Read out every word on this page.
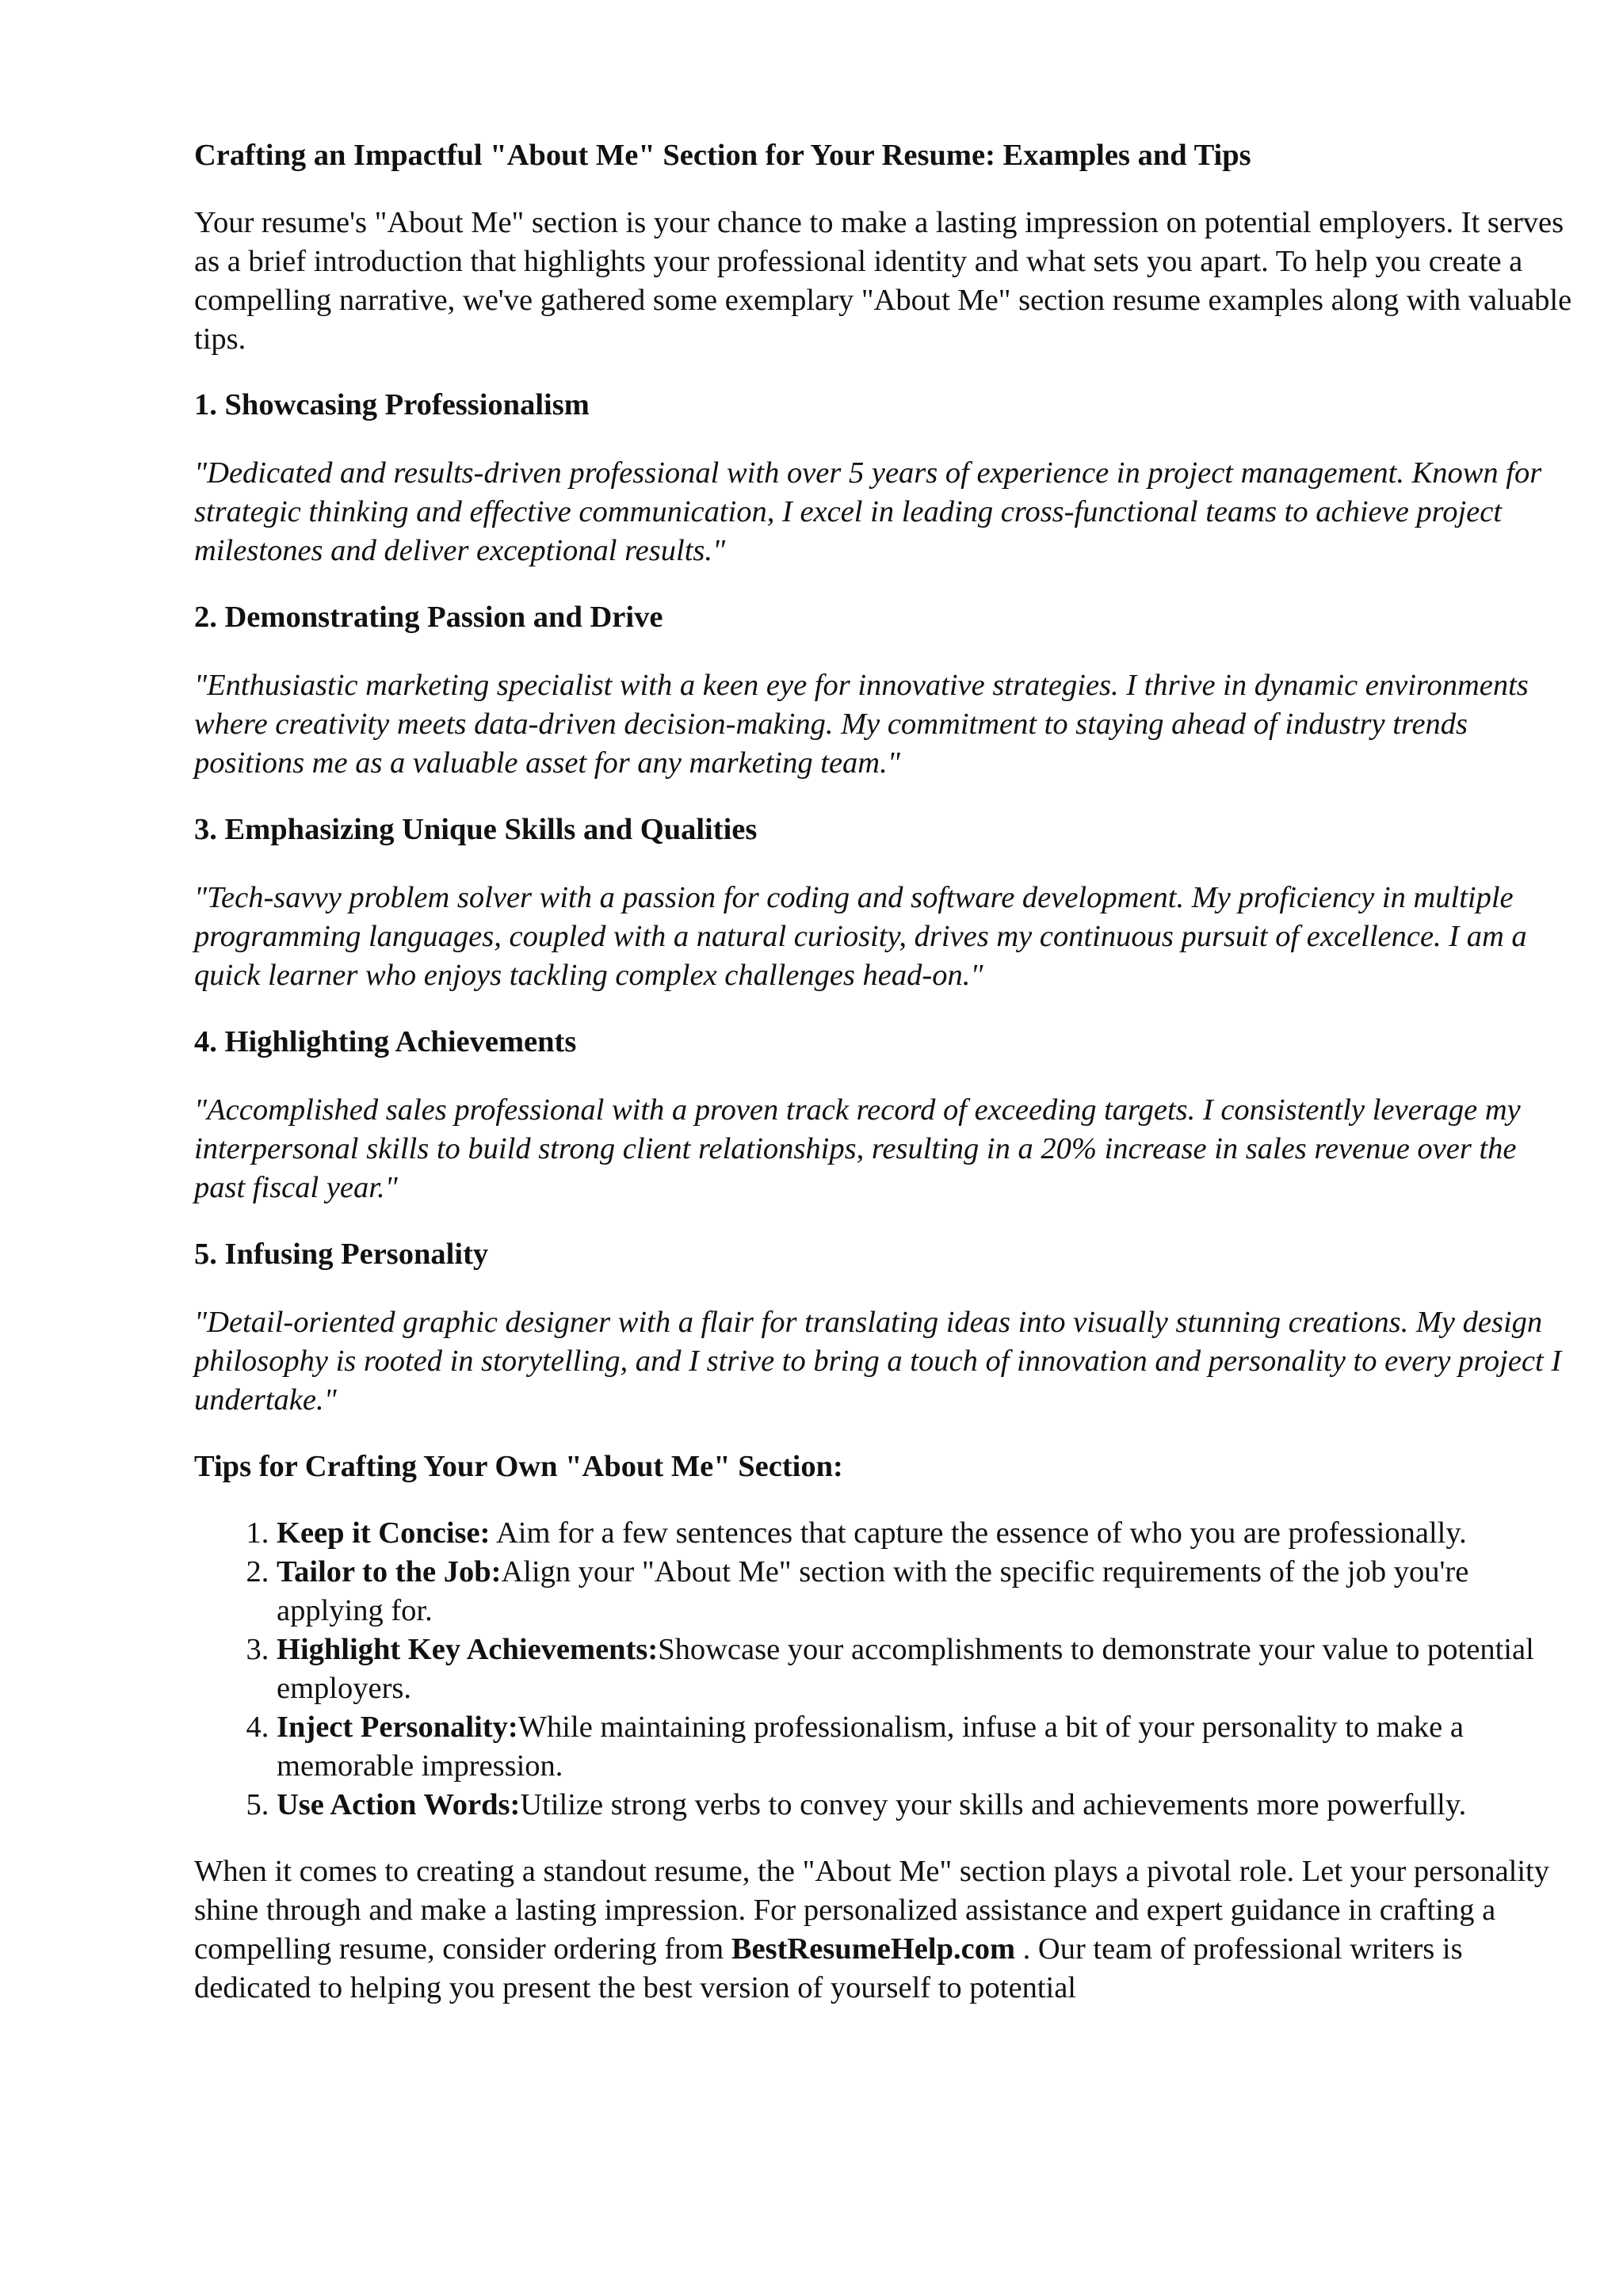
Crafting an Impactful "About Me" Section for Your Resume: Examples and Tips
Your resume's "About Me" section is your chance to make a lasting impression on potential employers. It serves as a brief introduction that highlights your professional identity and what sets you apart. To help you create a compelling narrative, we've gathered some exemplary "About Me" section resume examples along with valuable tips.
1. Showcasing Professionalism
"Dedicated and results-driven professional with over 5 years of experience in project management. Known for strategic thinking and effective communication, I excel in leading cross-functional teams to achieve project milestones and deliver exceptional results."
2. Demonstrating Passion and Drive
"Enthusiastic marketing specialist with a keen eye for innovative strategies. I thrive in dynamic environments where creativity meets data-driven decision-making. My commitment to staying ahead of industry trends positions me as a valuable asset for any marketing team."
3. Emphasizing Unique Skills and Qualities
"Tech-savvy problem solver with a passion for coding and software development. My proficiency in multiple programming languages, coupled with a natural curiosity, drives my continuous pursuit of excellence. I am a quick learner who enjoys tackling complex challenges head-on."
4. Highlighting Achievements
"Accomplished sales professional with a proven track record of exceeding targets. I consistently leverage my interpersonal skills to build strong client relationships, resulting in a 20% increase in sales revenue over the past fiscal year."
5. Infusing Personality
"Detail-oriented graphic designer with a flair for translating ideas into visually stunning creations. My design philosophy is rooted in storytelling, and I strive to bring a touch of innovation and personality to every project I undertake."
Tips for Crafting Your Own "About Me" Section:
1. Keep it Concise: Aim for a few sentences that capture the essence of who you are professionally.
2. Tailor to the Job:Align your "About Me" section with the specific requirements of the job you're applying for.
3. Highlight Key Achievements:Showcase your accomplishments to demonstrate your value to potential employers.
4. Inject Personality:While maintaining professionalism, infuse a bit of your personality to make a memorable impression.
5. Use Action Words:Utilize strong verbs to convey your skills and achievements more powerfully.
When it comes to creating a standout resume, the "About Me" section plays a pivotal role. Let your personality shine through and make a lasting impression. For personalized assistance and expert guidance in crafting a compelling resume, consider ordering from BestResumeHelp.com . Our team of professional writers is dedicated to helping you present the best version of yourself to potential
